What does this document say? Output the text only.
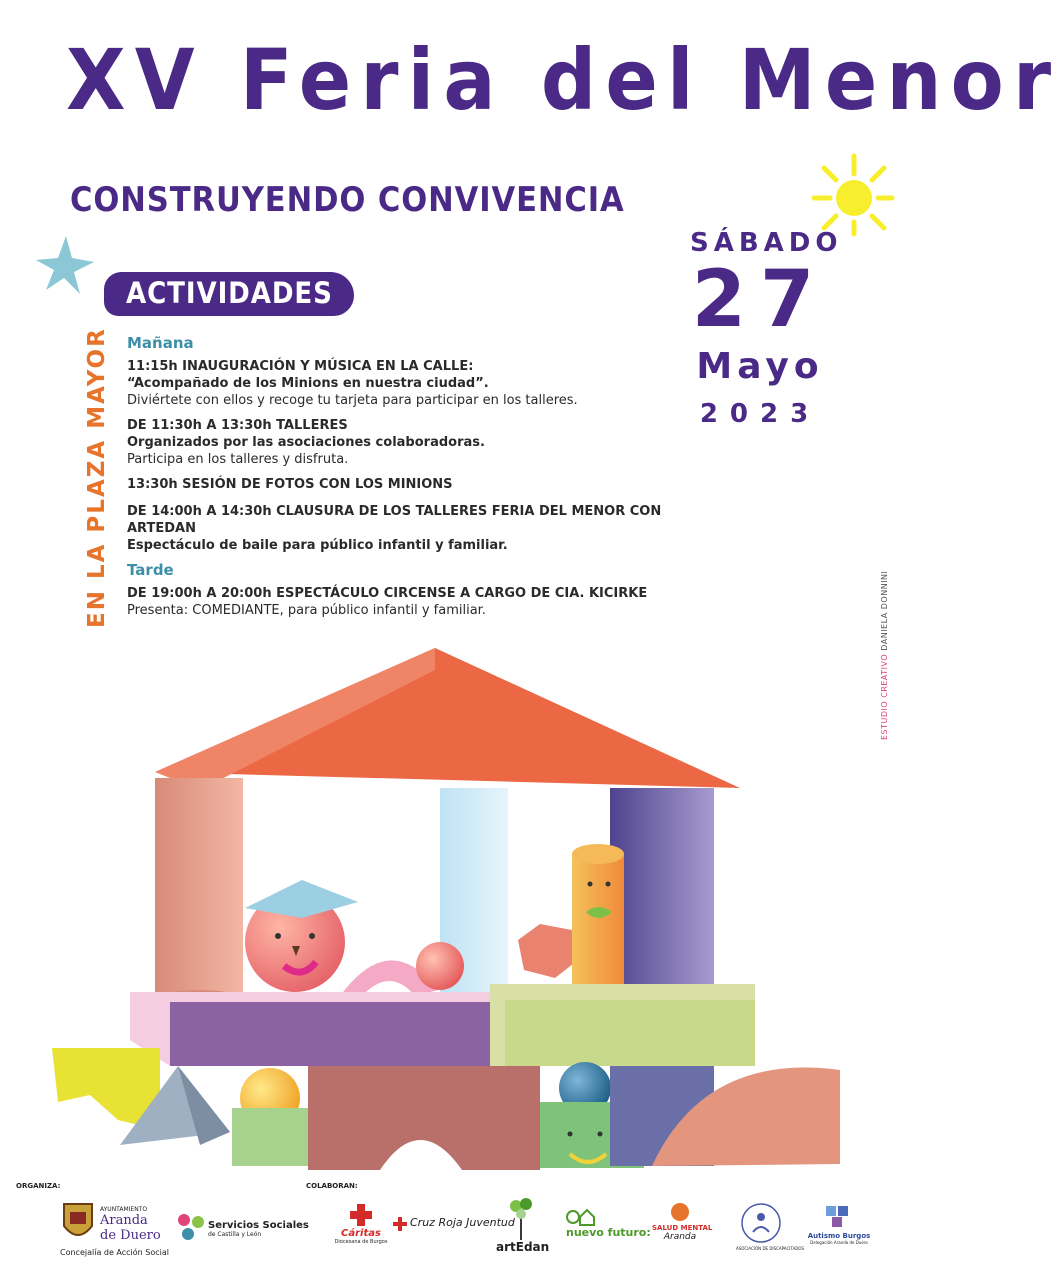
XV Feria del Menor
CONSTRUYENDO CONVIVENCIA
SÁBADO
27
Mayo
2023
ACTIVIDADES
EN LA PLAZA MAYOR
ESTUDIO CREATIVO DANIELA DONNINI
Mañana
11:15h INAUGURACIÓN Y MÚSICA EN LA CALLE:
“Acompañado de los Minions en nuestra ciudad”.
Diviértete con ellos y recoge tu tarjeta para participar en los talleres.
DE 11:30h A 13:30h TALLERES
Organizados por las asociaciones colaboradoras.
Participa en los talleres y disfruta.
13:30h SESIÓN DE FOTOS CON LOS MINIONS
DE 14:00h A 14:30h CLAUSURA DE LOS TALLERES FERIA DEL MENOR CON ARTEDAN
Espectáculo de baile para público infantil y familiar.
Tarde
DE 19:00h A 20:00h ESPECTÁCULO CIRCENSE A CARGO DE CIA. KICIRKE
Presenta: COMEDIANTE, para público infantil y familiar.
ORGANIZA:	COLABORAN:
AYUNTAMIENTO
Aranda
de Duero
Concejalía de Acción Social
Servicios Sociales
de Castilla y León	Cáritas
Diocesana de Burgos
Cruz Roja Juventud
artEdan
nuevo futuro: SALUD MENTAL
Aranda
ASOCIACIÓN DE DISCAPACITADOS
Autismo Burgos
Delegación Aranda de Duero
